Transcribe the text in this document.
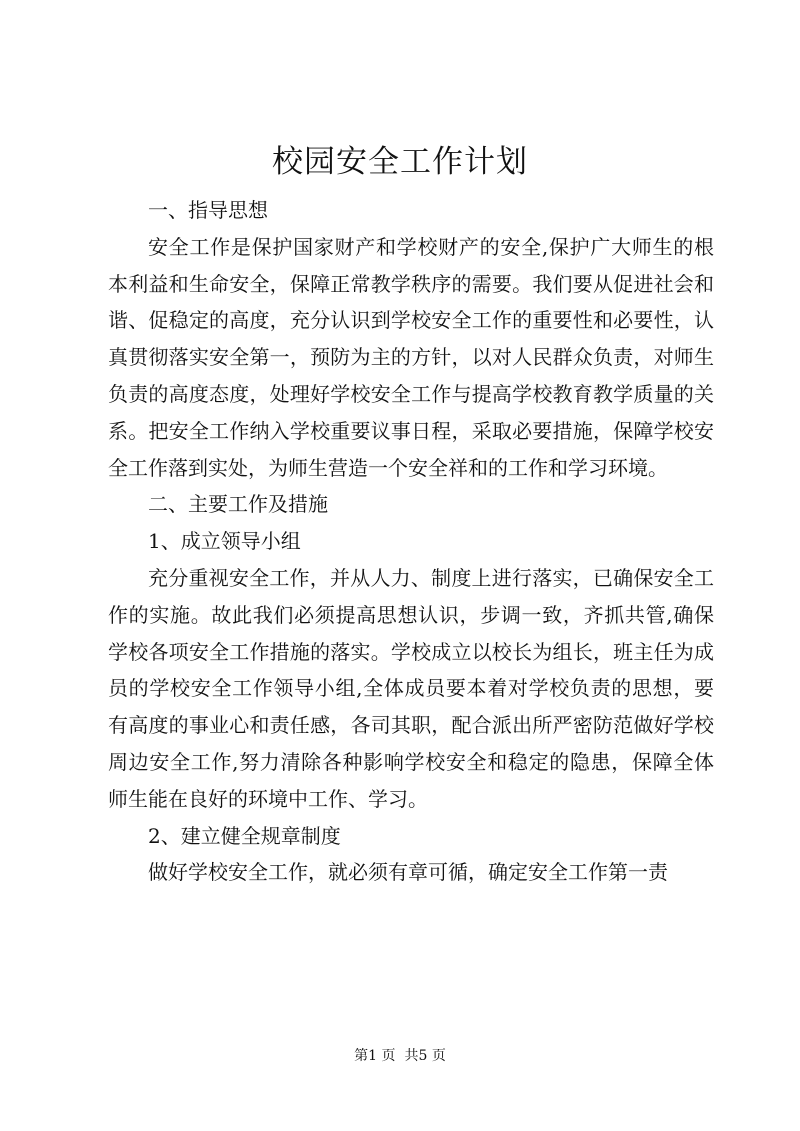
校园安全工作计划

一、指导思想

安全工作是保护国家财产和学校财产的安全,保护广大师生的根本利益和生命安全，保障正常教学秩序的需要。我们要从促进社会和谐、促稳定的高度，充分认识到学校安全工作的重要性和必要性，认真贯彻落实安全第一，预防为主的方针，以对人民群众负责，对师生负责的高度态度，处理好学校安全工作与提高学校教育教学质量的关系。把安全工作纳入学校重要议事日程，采取必要措施，保障学校安全工作落到实处，为师生营造一个安全祥和的工作和学习环境。

二、主要工作及措施

1、成立领导小组

充分重视安全工作，并从人力、制度上进行落实，已确保安全工作的实施。故此我们必须提高思想认识，步调一致，齐抓共管,确保学校各项安全工作措施的落实。学校成立以校长为组长，班主任为成员的学校安全工作领导小组,全体成员要本着对学校负责的思想，要有高度的事业心和责任感，各司其职，配合派出所严密防范做好学校周边安全工作,努力清除各种影响学校安全和稳定的隐患，保障全体师生能在良好的环境中工作、学习。

2、建立健全规章制度

做好学校安全工作，就必须有章可循，确定安全工作第一责

第1 页 共5 页
